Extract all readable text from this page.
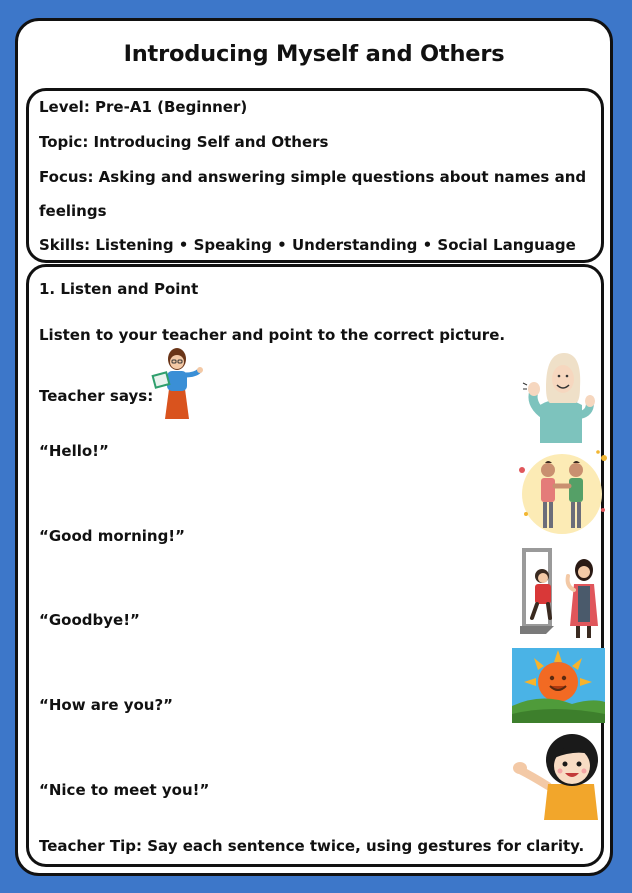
Introducing Myself and Others
Level: Pre-A1 (Beginner)
Topic: Introducing Self and Others
Focus: Asking and answering simple questions about names and
feelings
Skills: Listening • Speaking • Understanding • Social Language
1. Listen and Point
Listen to your teacher and point to the correct picture.
Teacher says:
“Hello!”
“Good morning!”
“Goodbye!”
“How are you?”
“Nice to meet you!”
Teacher Tip: Say each sentence twice, using gestures for clarity.
